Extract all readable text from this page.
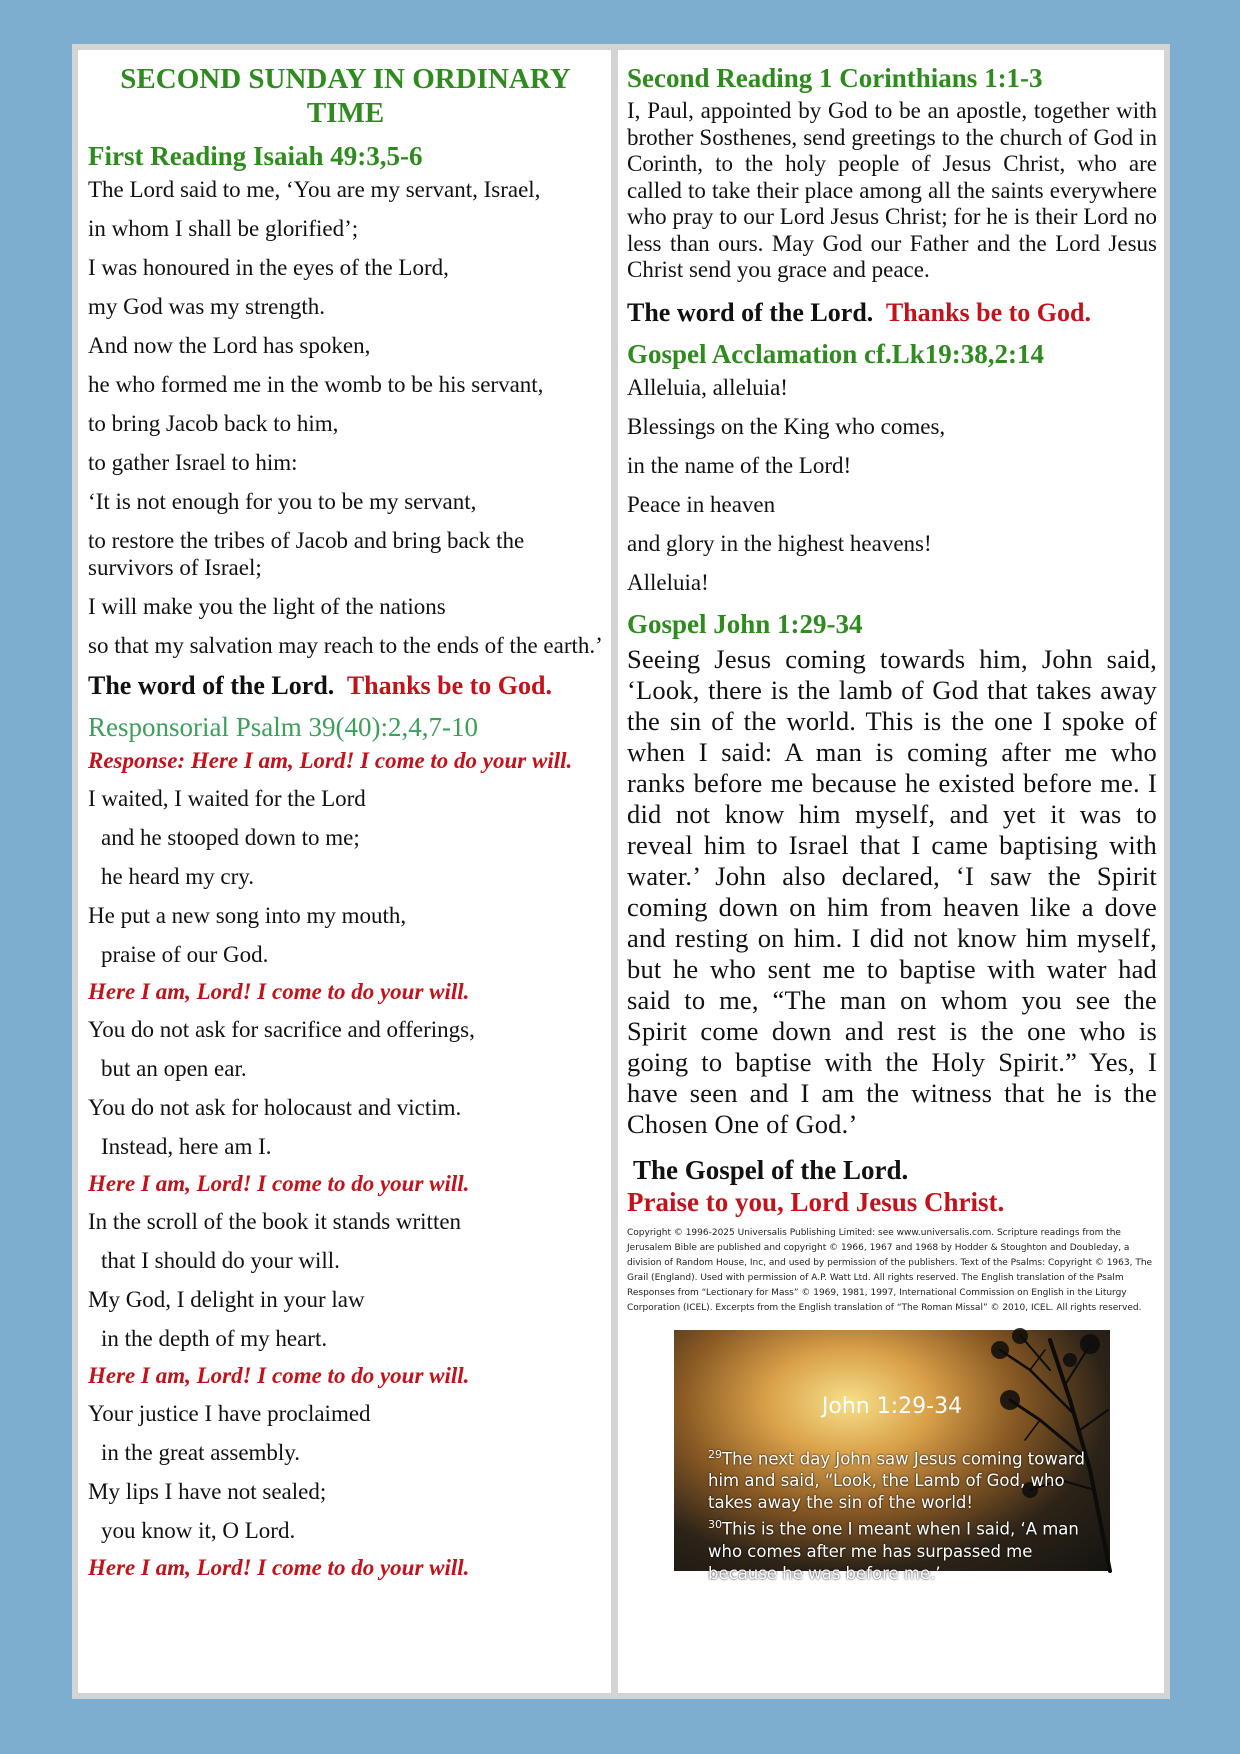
SECOND SUNDAY IN ORDINARY TIME
First Reading Isaiah 49:3,5-6
The Lord said to me, ‘You are my servant, Israel,
in whom I shall be glorified’;
I was honoured in the eyes of the Lord,
my God was my strength.
And now the Lord has spoken,
he who formed me in the womb to be his servant,
to bring Jacob back to him,
to gather Israel to him:
‘It is not enough for you to be my servant,
to restore the tribes of Jacob and bring back the survivors of Israel;
I will make you the light of the nations
so that my salvation may reach to the ends of the earth.’
The word of the Lord. Thanks be to God.
Responsorial Psalm 39(40):2,4,7-10
Response: Here I am, Lord! I come to do your will.
I waited, I waited for the Lord
and he stooped down to me;
he heard my cry.
He put a new song into my mouth,
praise of our God.
Here I am, Lord! I come to do your will.
You do not ask for sacrifice and offerings,
but an open ear.
You do not ask for holocaust and victim.
Instead, here am I.
Here I am, Lord! I come to do your will.
In the scroll of the book it stands written
that I should do your will.
My God, I delight in your law
in the depth of my heart.
Here I am, Lord! I come to do your will.
Your justice I have proclaimed
in the great assembly.
My lips I have not sealed;
you know it, O Lord.
Here I am, Lord! I come to do your will.
Second Reading 1 Corinthians 1:1-3
I, Paul, appointed by God to be an apostle, together with brother Sosthenes, send greetings to the church of God in Corinth, to the holy people of Jesus Christ, who are called to take their place among all the saints everywhere who pray to our Lord Jesus Christ; for he is their Lord no less than ours. May God our Father and the Lord Jesus Christ send you grace and peace.
The word of the Lord. Thanks be to God.
Gospel Acclamation cf.Lk19:38,2:14
Alleluia, alleluia!
Blessings on the King who comes,
in the name of the Lord!
Peace in heaven
and glory in the highest heavens!
Alleluia!
Gospel John 1:29-34
Seeing Jesus coming towards him, John said, ‘Look, there is the lamb of God that takes away the sin of the world. This is the one I spoke of when I said: A man is coming after me who ranks before me because he existed before me. I did not know him myself, and yet it was to reveal him to Israel that I came baptising with water.’ John also declared, ‘I saw the Spirit coming down on him from heaven like a dove and resting on him. I did not know him myself, but he who sent me to baptise with water had said to me, “The man on whom you see the Spirit come down and rest is the one who is going to baptise with the Holy Spirit.” Yes, I have seen and I am the witness that he is the Chosen One of God.’
The Gospel of the Lord.
Praise to you, Lord Jesus Christ.
Copyright © 1996-2025 Universalis Publishing Limited: see www.universalis.com. Scripture readings from the Jerusalem Bible are published and copyright © 1966, 1967 and 1968 by Hodder & Stoughton and Doubleday, a division of Random House, Inc, and used by permission of the publishers. Text of the Psalms: Copyright © 1963, The Grail (England). Used with permission of A.P. Watt Ltd. All rights reserved. The English translation of the Psalm Responses from “Lectionary for Mass” © 1969, 1981, 1997, International Commission on English in the Liturgy Corporation (ICEL). Excerpts from the English translation of “The Roman Missal” © 2010, ICEL. All rights reserved.
John 1:29-34
$^{29}$The next day John saw Jesus coming toward him and said, “Look, the Lamb of God, who takes away the sin of the world!
$^{30}$This is the one I meant when I said, ‘A man who comes after me has surpassed me because he was before me.’
